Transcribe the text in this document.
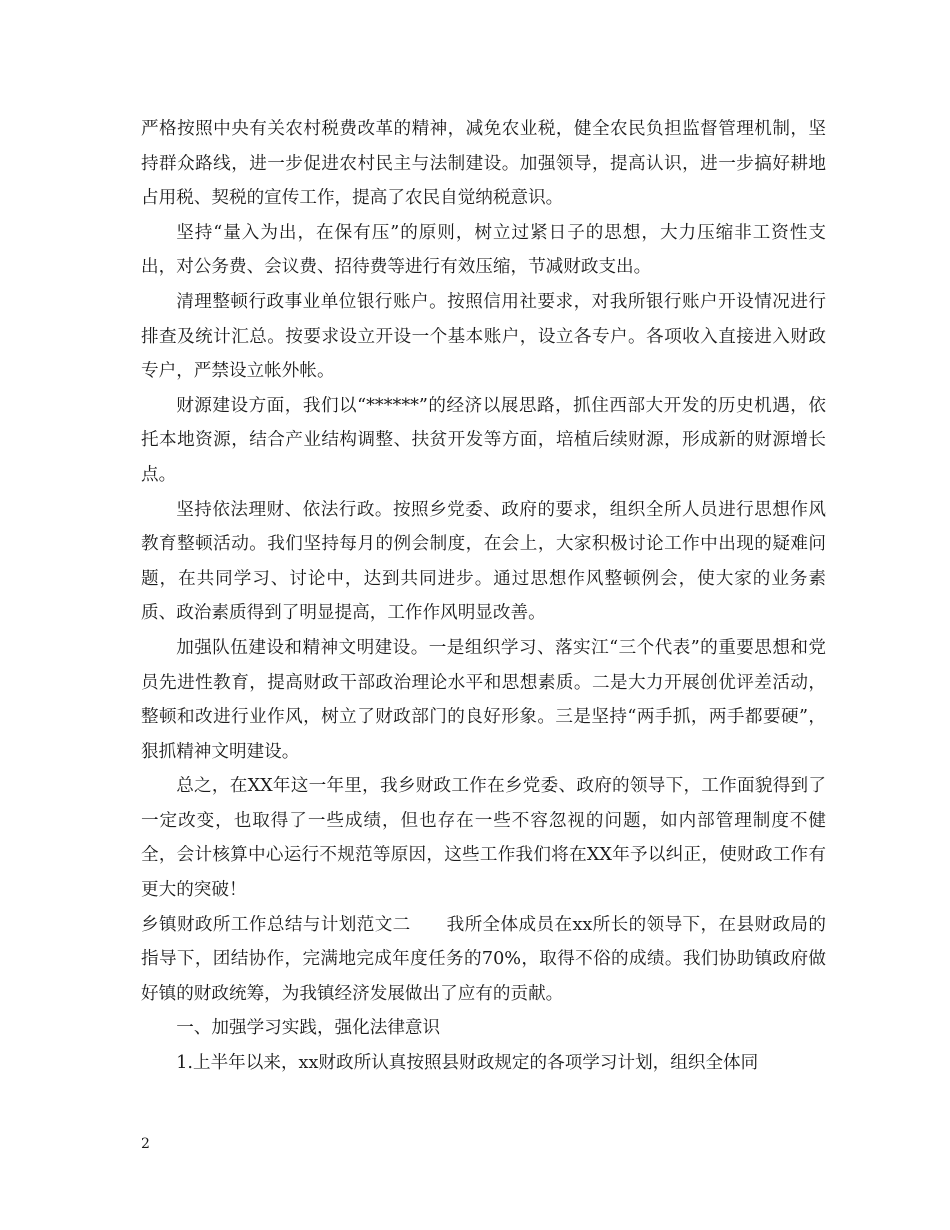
严格按照中央有关农村税费改革的精神，减免农业税，健全农民负担监督管理机制，坚持群众路线，进一步促进农村民主与法制建设。加强领导，提高认识，进一步搞好耕地占用税、契税的宣传工作，提高了农民自觉纳税意识。

坚持“量入为出，在保有压”的原则，树立过紧日子的思想，大力压缩非工资性支出，对公务费、会议费、招待费等进行有效压缩，节减财政支出。

清理整顿行政事业单位银行账户。按照信用社要求，对我所银行账户开设情况进行排查及统计汇总。按要求设立开设一个基本账户，设立各专户。各项收入直接进入财政专户，严禁设立帐外帐。

财源建设方面，我们以“******”的经济以展思路，抓住西部大开发的历史机遇，依托本地资源，结合产业结构调整、扶贫开发等方面，培植后续财源，形成新的财源增长点。

坚持依法理财、依法行政。按照乡党委、政府的要求，组织全所人员进行思想作风教育整顿活动。我们坚持每月的例会制度，在会上，大家积极讨论工作中出现的疑难问题，在共同学习、讨论中，达到共同进步。通过思想作风整顿例会，使大家的业务素质、政治素质得到了明显提高，工作作风明显改善。

加强队伍建设和精神文明建设。一是组织学习、落实江“三个代表”的重要思想和党员先进性教育，提高财政干部政治理论水平和思想素质。二是大力开展创优评差活动，整顿和改进行业作风，树立了财政部门的良好形象。三是坚持“两手抓，两手都要硬”，狠抓精神文明建设。

总之，在XX年这一年里，我乡财政工作在乡党委、政府的领导下，工作面貌得到了一定改变，也取得了一些成绩，但也存在一些不容忽视的问题，如内部管理制度不健全，会计核算中心运行不规范等原因，这些工作我们将在XX年予以纠正，使财政工作有更大的突破！

乡镇财政所工作总结与计划范文二　　我所全体成员在xx所长的领导下，在县财政局的指导下，团结协作，完满地完成年度任务的70%，取得不俗的成绩。我们协助镇政府做好镇的财政统筹，为我镇经济发展做出了应有的贡献。

一、加强学习实践，强化法律意识

1.上半年以来，xx财政所认真按照县财政规定的各项学习计划，组织全体同

2
